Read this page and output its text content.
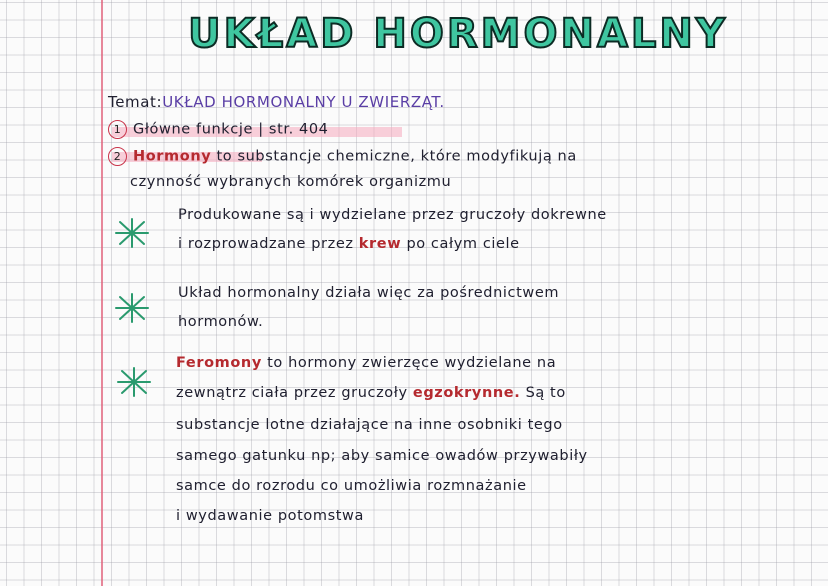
UKŁAD HORMONALNY
Temat:UKŁAD HORMONALNY U ZWIERZĄT.
1 Główne funkcje | str. 404
2 Hormony to substancje chemiczne, które modyfikują na
czynność wybranych komórek organizmu
Produkowane są i wydzielane przez gruczoły dokrewne
i rozprowadzane przez krew po całym ciele
Układ hormonalny działa więc za pośrednictwem
hormonów.
Feromony to hormony zwierzęce wydzielane na
zewnątrz ciała przez gruczoły egzokrynne. Są to
substancje lotne działające na inne osobniki tego
samego gatunku np; aby samice owadów przywabiły
samce do rozrodu co umożliwia rozmnażanie
i wydawanie potomstwa
